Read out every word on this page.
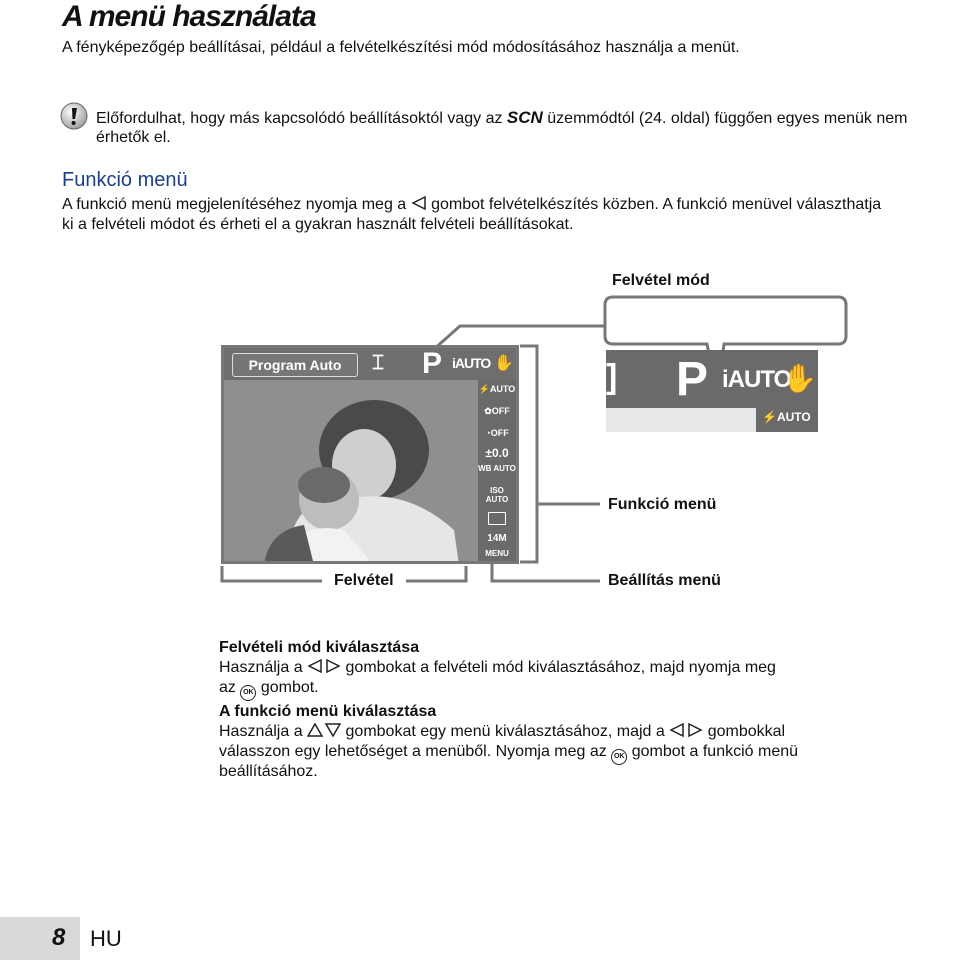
A menü használata
A fényképezőgép beállításai, például a felvételkészítési mód módosításához használja a menüt.
Előfordulhat, hogy más kapcsolódó beállításoktól vagy az SCN üzemmódtól (24. oldal) függően egyes menük nem
érhetők el.
Funkció menü
A funkció menü megjelenítéséhez nyomja meg a gombot felvételkészítés közben. A funkció menüvel választhatja
ki a felvételi módot és érheti el a gyakran használt felvételi beállításokat.
Felvétel mód
Funkció menü
Felvétel	Beállítás menü
Program Auto	⌶ P iAUTO ✋
⚡AUTO
✿OFF
◔OFF
±0.0
WB AUTO
ISO AUTO
14M
MENU
] P iAUTO
✋
⚡AUTO
Felvételi mód kiválasztása
Használja a	gombokat a felvételi mód kiválasztásához, majd nyomja meg
az OK gombot.
A funkció menü kiválasztása
Használja a	gombokat egy menü kiválasztásához, majd a	gombokkal
válasszon egy lehetőséget a menüből. Nyomja meg az OK gombot a funkció menü
beállításához.
8 HU
